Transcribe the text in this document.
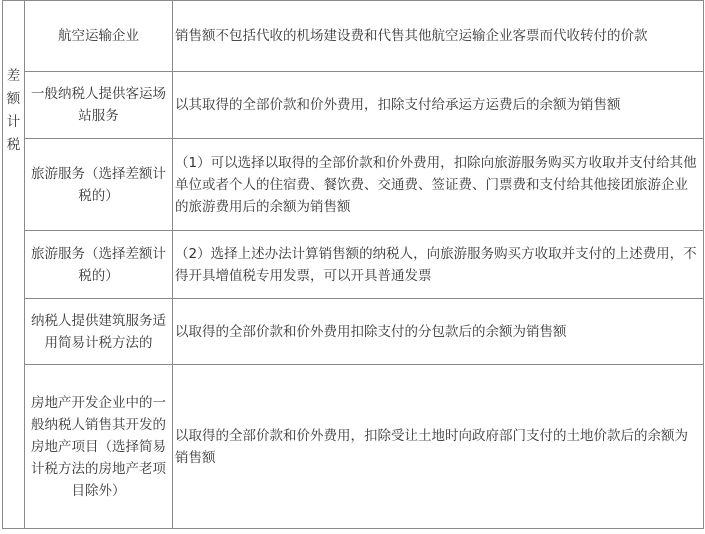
差额计税	航空运输企业	销售额不包括代收的机场建设费和代售其他航空运输企业客票而代收转付的价款
	一般纳税人提供客运场站服务	以其取得的全部价款和价外费用，扣除支付给承运方运费后的余额为销售额
	旅游服务（选择差额计税的）	（1）可以选择以取得的全部价款和价外费用，扣除向旅游服务购买方收取并支付给其他单位或者个人的住宿费、餐饮费、交通费、签证费、门票费和支付给其他接团旅游企业的旅游费用后的余额为销售额
	旅游服务（选择差额计税的）	（2）选择上述办法计算销售额的纳税人，向旅游服务购买方收取并支付的上述费用，不得开具增值税专用发票，可以开具普通发票
	纳税人提供建筑服务适用简易计税方法的	以取得的全部价款和价外费用扣除支付的分包款后的余额为销售额
	房地产开发企业中的一般纳税人销售其开发的房地产项目（选择简易计税方法的房地产老项目除外）	以取得的全部价款和价外费用，扣除受让土地时向政府部门支付的土地价款后的余额为销售额
